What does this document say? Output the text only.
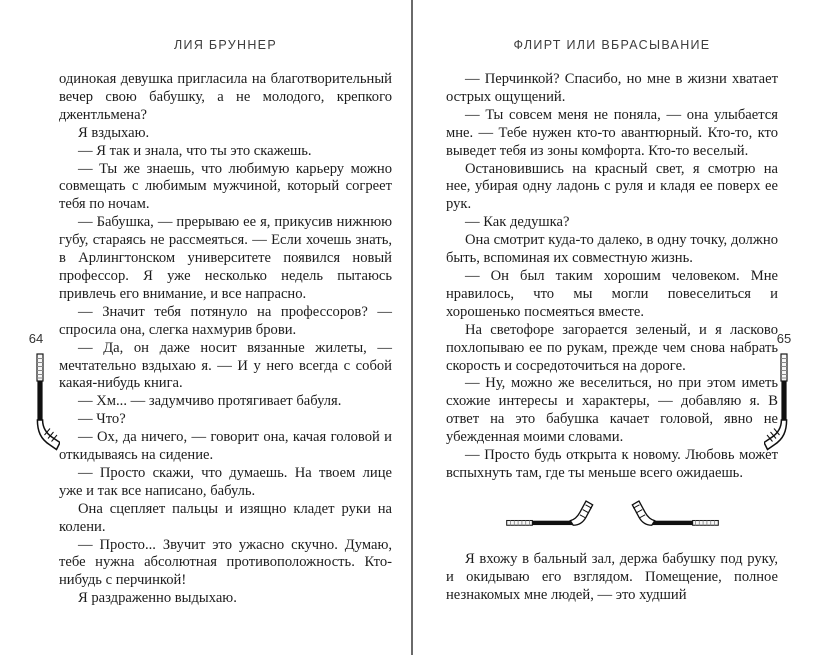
ЛИЯ БРУННЕР

одинокая девушка пригласила на благотворительный вечер свою бабушку, а не молодого, крепкого джентльмена?

Я вздыхаю.

— Я так и знала, что ты это скажешь.

— Ты же знаешь, что любимую карьеру можно совмещать с любимым мужчиной, который согреет тебя по ночам.

— Бабушка, — прерываю ее я, прикусив нижнюю губу, стараясь не рассмеяться. — Если хочешь знать, в Арлингтонском университете появился новый профессор. Я уже несколько недель пытаюсь привлечь его внимание, и все напрасно.

— Значит тебя потянуло на профессоров? — спросила она, слегка нахмурив брови.

— Да, он даже носит вязанные жилеты, — мечтательно вздыхаю я. — И у него всегда с собой какая-нибудь книга.

— Хм... — задумчиво протягивает бабуля.

— Что?

— Ох, да ничего, — говорит она, качая головой и откидываясь на сидение.

— Просто скажи, что думаешь. На твоем лице уже и так все написано, бабуль.

Она сцепляет пальцы и изящно кладет руки на колени.

— Просто... Звучит это ужасно скучно. Думаю, тебе нужна абсолютная противоположность. Кто-нибудь с перчинкой!

Я раздраженно выдыхаю.

ФЛИРТ ИЛИ ВБРАСЫВАНИЕ

— Перчинкой? Спасибо, но мне в жизни хватает острых ощущений.

— Ты совсем меня не поняла, — она улыбается мне. — Тебе нужен кто-то авантюрный. Кто-то, кто выведет тебя из зоны комфорта. Кто-то веселый.

Остановившись на красный свет, я смотрю на нее, убирая одну ладонь с руля и кладя ее поверх ее рук.

— Как дедушка?

Она смотрит куда-то далеко, в одну точку, должно быть, вспоминая их совместную жизнь.

— Он был таким хорошим человеком. Мне нравилось, что мы могли повеселиться и хорошенько посмеяться вместе.

На светофоре загорается зеленый, и я ласково похлопываю ее по рукам, прежде чем снова набрать скорость и сосредоточиться на дороге.

— Ну, можно же веселиться, но при этом иметь схожие интересы и характеры, — добавляю я. В ответ на это бабушка качает головой, явно не убежденная моими словами.

— Просто будь открыта к новому. Любовь может вспыхнуть там, где ты меньше всего ожидаешь.

Я вхожу в бальный зал, держа бабушку под руку, и окидываю его взглядом. Помещение, полное незнакомых мне людей, — это худший

64	65
